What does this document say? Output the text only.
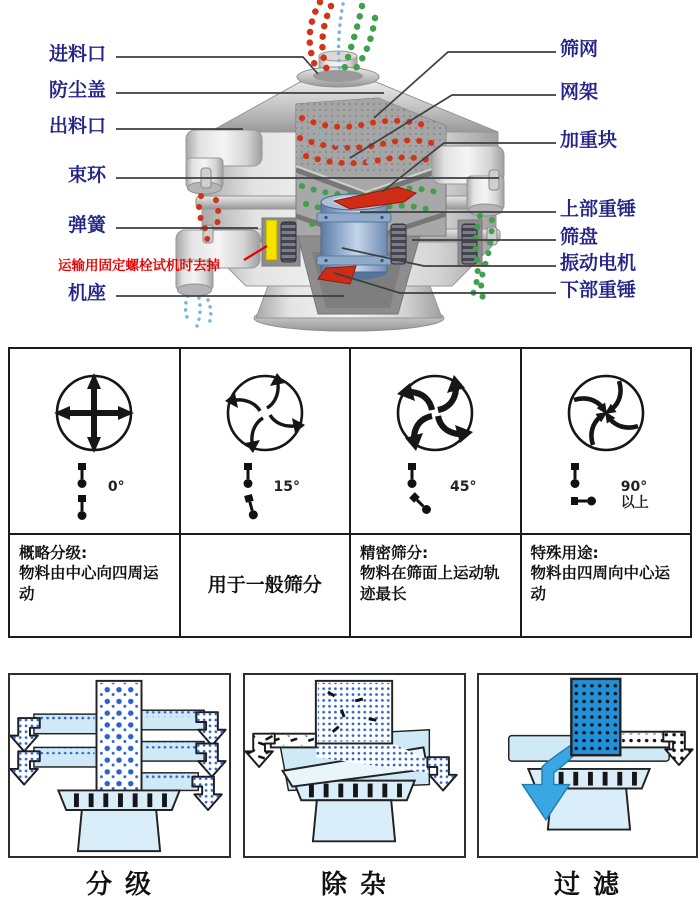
进料口
防尘盖
出料口
束环
弹簧
机座
运输用固定螺栓试机时去掉
筛网
网架
加重块
上部重锤
筛盘
振动电机
下部重锤
0°
概略分级:
物料由中心向四周运动
15°
用于一般筛分
45°
精密筛分:
物料在筛面上运动轨迹最长
90°
以上
特殊用途:
物料由四周向中心运动
分 级	除 杂	过 滤
